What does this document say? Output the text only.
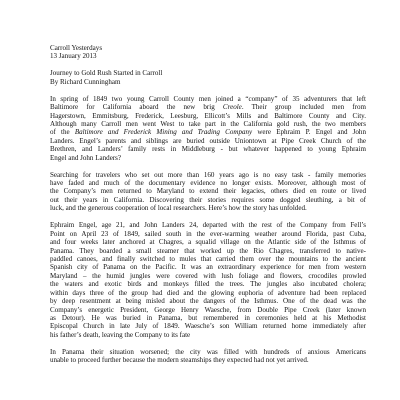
Carroll Yesterdays
13 January 2013
Journey to Gold Rush Started in Carroll
By Richard Cunningham
In spring of 1849 two young Carroll County men joined a “company” of 35 adventurers that left
Baltimore for California aboard the new brig Creole. Their group included men from
Hagerstown, Emmitsburg, Frederick, Leesburg, Ellicott’s Mills and Baltimore County and City.
Although many Carroll men went West to take part in the California gold rush, the two members
of the Baltimore and Frederick Mining and Trading Company were Ephraim P. Engel and John
Landers. Engel’s parents and siblings are buried outside Uniontown at Pipe Creek Church of the
Brethren, and Landers’ family rests in Middleburg - but whatever happened to young Ephraim
Engel and John Landers?
Searching for travelers who set out more than 160 years ago is no easy task - family memories
have faded and much of the documentary evidence no longer exists. Moreover, although most of
the Company’s men returned to Maryland to extend their legacies, others died en route or lived
out their years in California. Discovering their stories requires some dogged sleuthing, a bit of
luck, and the generous cooperation of local researchers. Here’s how the story has unfolded.
Ephraim Engel, age 21, and John Landers 24, departed with the rest of the Company from Fell’s
Point on April 23 of 1849, sailed south in the ever-warming weather around Florida, past Cuba,
and four weeks later anchored at Chagres, a squalid village on the Atlantic side of the Isthmus of
Panama. They boarded a small steamer that worked up the Rio Chagres, transferred to native-
paddled canoes, and finally switched to mules that carried them over the mountains to the ancient
Spanish city of Panama on the Pacific. It was an extraordinary experience for men from western
Maryland – the humid jungles were covered with lush foliage and flowers, crocodiles prowled
the waters and exotic birds and monkeys filled the trees. The jungles also incubated cholera;
within days three of the group had died and the glowing euphoria of adventure had been replaced
by deep resentment at being misled about the dangers of the Isthmus. One of the dead was the
Company’s energetic President, George Henry Waesche, from Double Pipe Creek (later known
as Detour). He was buried in Panama, but remembered in ceremonies held at his Methodist
Episcopal Church in late July of 1849. Waesche’s son William returned home immediately after
his father’s death, leaving the Company to its fate
In Panama their situation worsened; the city was filled with hundreds of anxious Americans
unable to proceed further because the modern steamships they expected had not yet arrived.
